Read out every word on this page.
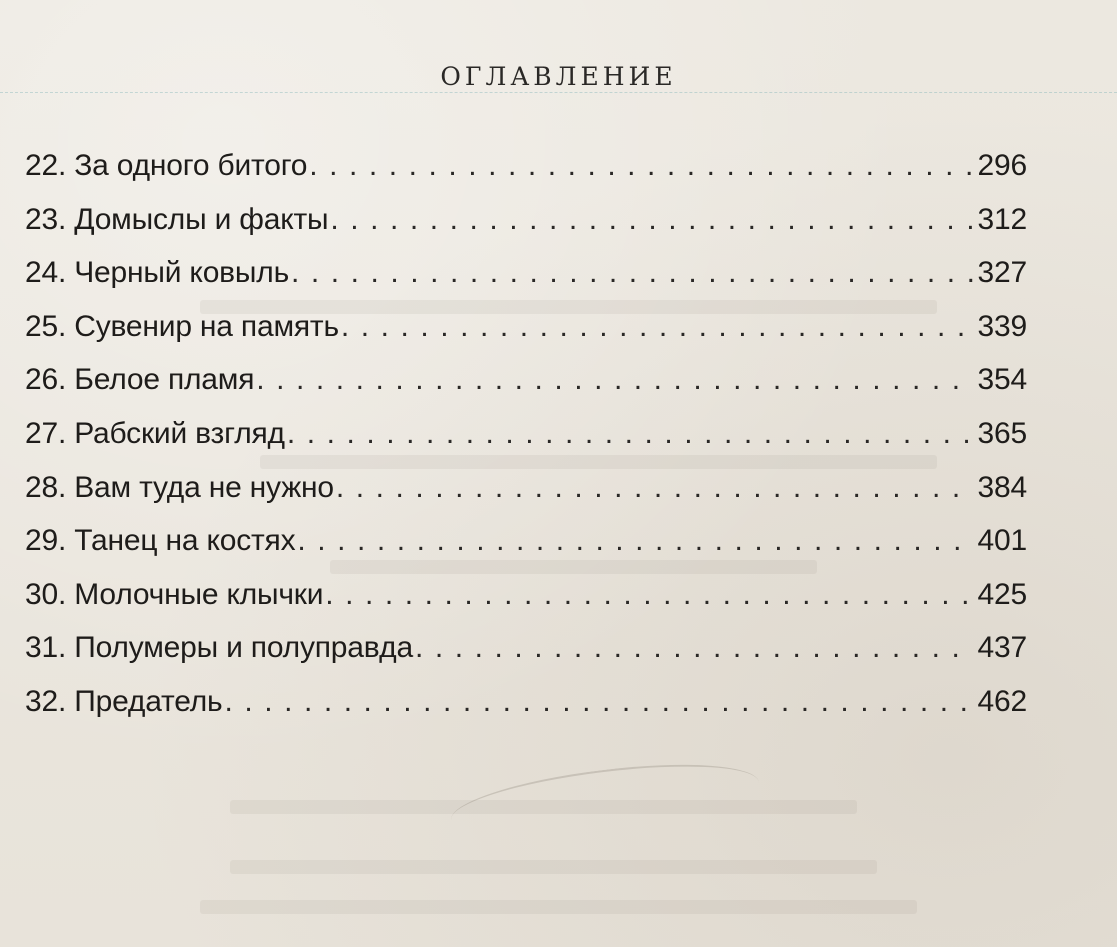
ОГЛАВЛЕНИЕ
22. За одного битого . . .	296
23. Домыслы и факты . . .	312
24. Черный ковыль . . .	327
25. Сувенир на память . . .	339
26. Белое пламя . . .	354
27. Рабский взгляд . . .	365
28. Вам туда не нужно . . .	384
29. Танец на костях . . .	401
30. Молочные клычки . . .	425
31. Полумеры и полуправда . . .	437
32. Предатель . . .	462
